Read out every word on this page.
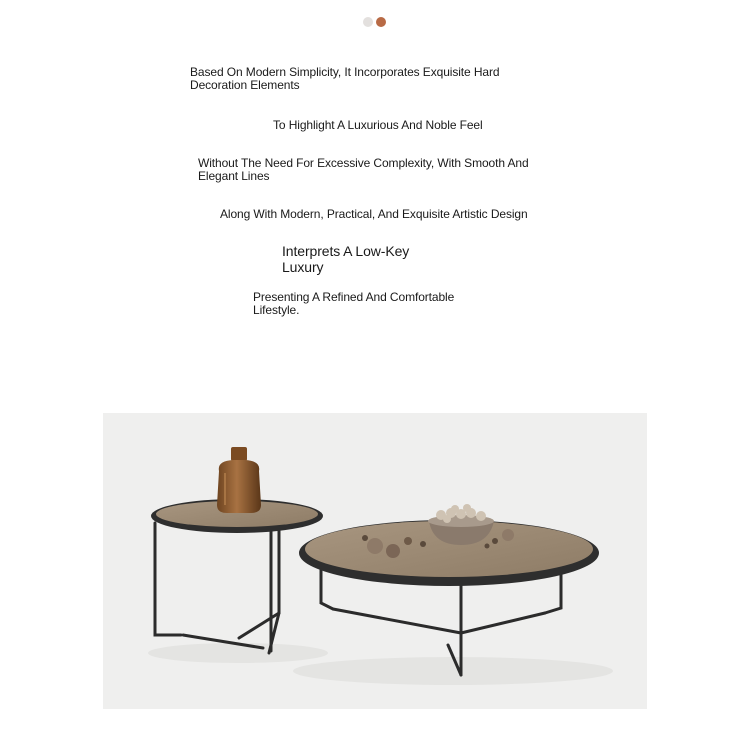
Based On Modern Simplicity, It Incorporates Exquisite Hard Decoration Elements

To Highlight A Luxurious And Noble Feel

Without The Need For Excessive Complexity, With Smooth And Elegant Lines

Along With Modern, Practical, And Exquisite Artistic Design

Interprets A Low-Key Luxury

Presenting A Refined And Comfortable Lifestyle.
